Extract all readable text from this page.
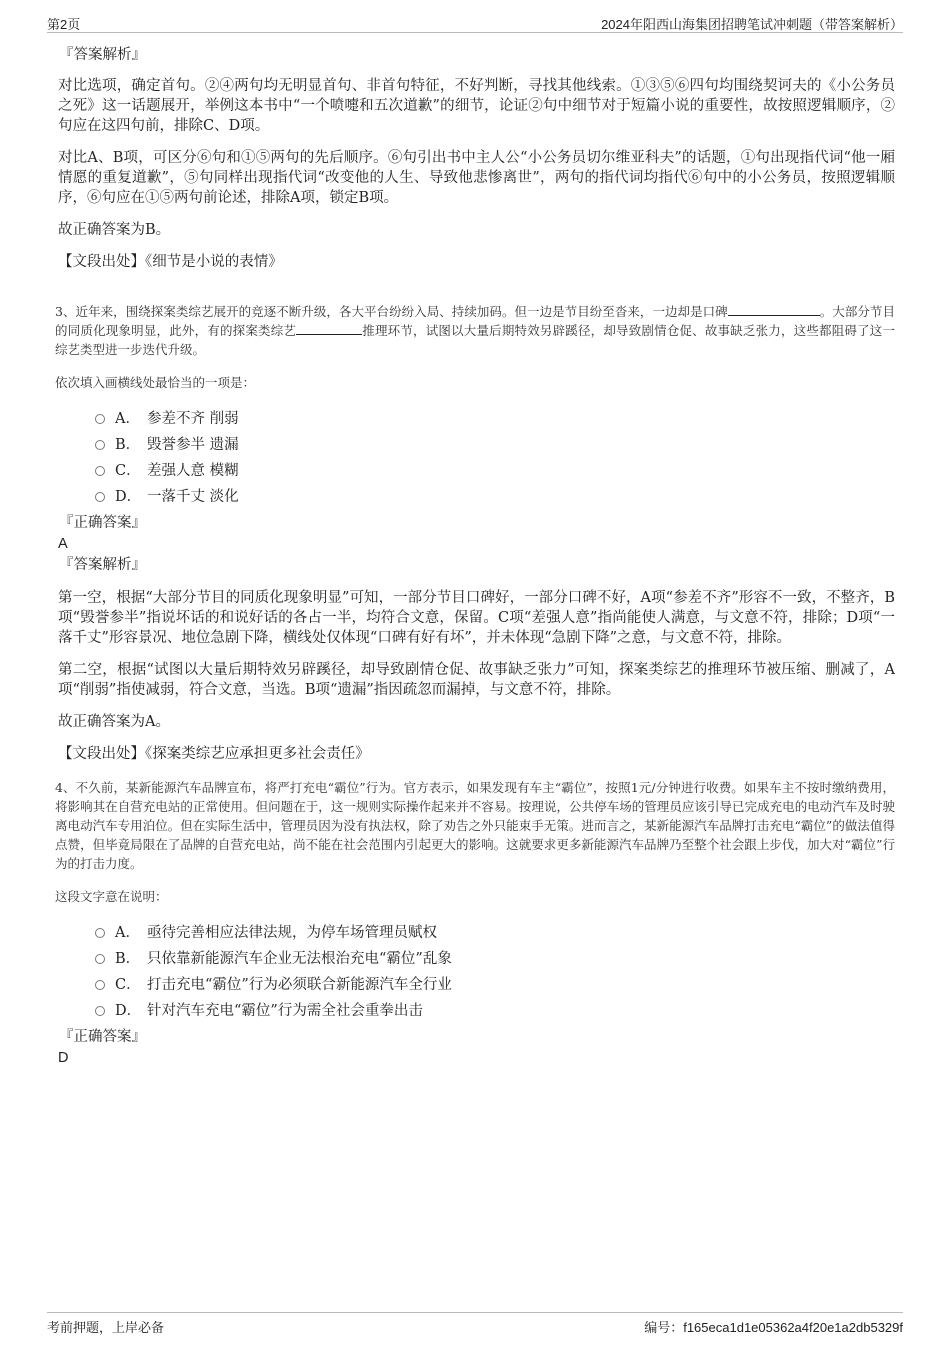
第2页	2024年阳西山海集团招聘笔试冲刺题（带答案解析）
『答案解析』

对比选项，确定首句。②④两句均无明显首句、非首句特征，不好判断，寻找其他线索。①③⑤⑥四句均围绕契诃夫的《小公务员之死》这一话题展开，举例这本书中“一个喷嚏和五次道歉”的细节，论证②句中细节对于短篇小说的重要性，故按照逻辑顺序，②句应在这四句前，排除C、D项。

对比A、B项，可区分⑥句和①⑤两句的先后顺序。⑥句引出书中主人公“小公务员切尔维亚科夫”的话题，①句出现指代词“他一厢情愿的重复道歉”，⑤句同样出现指代词“改变他的人生、导致他悲惨离世”，两句的指代词均指代⑥句中的小公务员，按照逻辑顺序，⑥句应在①⑤两句前论述，排除A项，锁定B项。

故正确答案为B。

【文段出处】《细节是小说的表情》

3、近年来，围绕探案类综艺展开的竞逐不断升级，各大平台纷纷入局、持续加码。但一边是节目纷至沓来，一边却是口碑	。大部分节目的同质化现象明显，此外，有的探案类综艺	推理环节，试图以大量后期特效另辟蹊径，却导致剧情仓促、故事缺乏张力，这些都阻碍了这一综艺类型进一步迭代升级。

依次填入画横线处最恰当的一项是：

A． 参差不齐 削弱
B． 毁誉参半 遗漏
C． 差强人意 模糊
D． 一落千丈 淡化
『正确答案』
A
『答案解析』

第一空，根据“大部分节目的同质化现象明显”可知，一部分节目口碑好，一部分口碑不好，A项“参差不齐”形容不一致，不整齐，B项“毁誉参半”指说坏话的和说好话的各占一半，均符合文意，保留。C项“差强人意”指尚能使人满意，与文意不符，排除；D项“一落千丈”形容景况、地位急剧下降，横线处仅体现“口碑有好有坏”，并未体现“急剧下降”之意，与文意不符，排除。

第二空，根据“试图以大量后期特效另辟蹊径，却导致剧情仓促、故事缺乏张力”可知，探案类综艺的推理环节被压缩、删减了，A项“削弱”指使减弱，符合文意，当选。B项“遗漏”指因疏忽而漏掉，与文意不符，排除。

故正确答案为A。

【文段出处】《探案类综艺应承担更多社会责任》

4、不久前，某新能源汽车品牌宣布，将严打充电“霸位”行为。官方表示，如果发现有车主“霸位”，按照1元/分钟进行收费。如果车主不按时缴纳费用，将影响其在自营充电站的正常使用。但问题在于，这一规则实际操作起来并不容易。按理说，公共停车场的管理员应该引导已完成充电的电动汽车及时驶离电动汽车专用泊位。但在实际生活中，管理员因为没有执法权，除了劝告之外只能束手无策。进而言之，某新能源汽车品牌打击充电“霸位”的做法值得点赞，但毕竟局限在了品牌的自营充电站，尚不能在社会范围内引起更大的影响。这就要求更多新能源汽车品牌乃至整个社会跟上步伐，加大对“霸位”行为的打击力度。

这段文字意在说明：

A． 亟待完善相应法律法规，为停车场管理员赋权
B． 只依靠新能源汽车企业无法根治充电“霸位”乱象
C． 打击充电“霸位”行为必须联合新能源汽车全行业
D． 针对汽车充电“霸位”行为需全社会重拳出击
『正确答案』
D
考前押题，上岸必备	编号：f165eca1d1e05362a4f20e1a2db5329f
